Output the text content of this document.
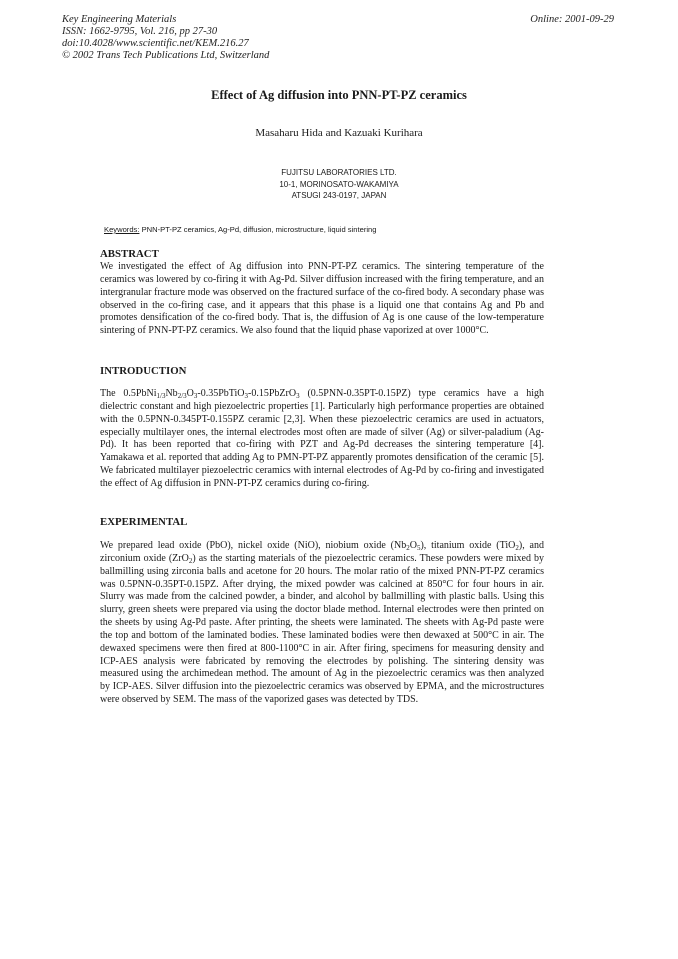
Key Engineering Materials
ISSN: 1662-9795, Vol. 216, pp 27-30
doi:10.4028/www.scientific.net/KEM.216.27
© 2002 Trans Tech Publications Ltd, Switzerland
Online: 2001-09-29
Effect of Ag diffusion into PNN-PT-PZ ceramics
Masaharu Hida and Kazuaki Kurihara
FUJITSU LABORATORIES LTD.
10-1, MORINOSATO-WAKAMIYA
ATSUGI 243-0197, JAPAN
Keywords: PNN-PT-PZ ceramics, Ag-Pd, diffusion, microstructure, liquid sintering
ABSTRACT
We investigated the effect of Ag diffusion into PNN-PT-PZ ceramics. The sintering temperature of the ceramics was lowered by co-firing it with Ag-Pd. Silver diffusion increased with the firing temperature, and an intergranular fracture mode was observed on the fractured surface of the co-fired body. A secondary phase was observed in the co-firing case, and it appears that this phase is a liquid one that contains Ag and Pb and promotes densification of the co-fired body. That is, the diffusion of Ag is one cause of the low-temperature sintering of PNN-PT-PZ ceramics. We also found that the liquid phase vaporized at over 1000°C.
INTRODUCTION
The $0.5PbNi_{1/3}Nb_{2/3}O_3-0.35PbTiO_3-0.15PbZrO_3$ (0.5PNN-0.35PT-0.15PZ) type ceramics have a high dielectric constant and high piezoelectric properties [1]. Particularly high performance properties are obtained with the 0.5PNN-0.345PT-0.155PZ ceramic [2,3]. When these piezoelectric ceramics are used in actuators, especially multilayer ones, the internal electrodes most often are made of silver (Ag) or silver-paladium (Ag-Pd). It has been reported that co-firing with PZT and Ag-Pd decreases the sintering temperature [4]. Yamakawa et al. reported that adding Ag to PMN-PT-PZ apparently promotes densification of the ceramic [5]. We fabricated multilayer piezoelectric ceramics with internal electrodes of Ag-Pd by co-firing and investigated the effect of Ag diffusion in PNN-PT-PZ ceramics during co-firing.
EXPERIMENTAL
We prepared lead oxide (PbO), nickel oxide (NiO), niobium oxide $(Nb_2O_5)$, titanium oxide (TiO$_2$), and zirconium oxide (ZrO$_2$) as the starting materials of the piezoelectric ceramics. These powders were mixed by ballmilling using zirconia balls and acetone for 20 hours. The molar ratio of the mixed PNN-PT-PZ ceramics was 0.5PNN-0.35PT-0.15PZ. After drying, the mixed powder was calcined at 850°C for four hours in air. Slurry was made from the calcined powder, a binder, and alcohol by ballmilling with plastic balls. Using this slurry, green sheets were prepared via using the doctor blade method. Internal electrodes were then printed on the sheets by using Ag-Pd paste. After printing, the sheets were laminated. The sheets with Ag-Pd paste were the top and bottom of the laminated bodies. These laminated bodies were then dewaxed at 500°C in air. The dewaxed specimens were then fired at 800-1100°C in air. After firing, specimens for measuring density and ICP-AES analysis were fabricated by removing the electrodes by polishing. The sintering density was measured using the archimedean method. The amount of Ag in the piezoelectric ceramics was then analyzed by ICP-AES. Silver diffusion into the piezoelectric ceramics was observed by EPMA, and the microstructures were observed by SEM. The mass of the vaporized gases was detected by TDS.
